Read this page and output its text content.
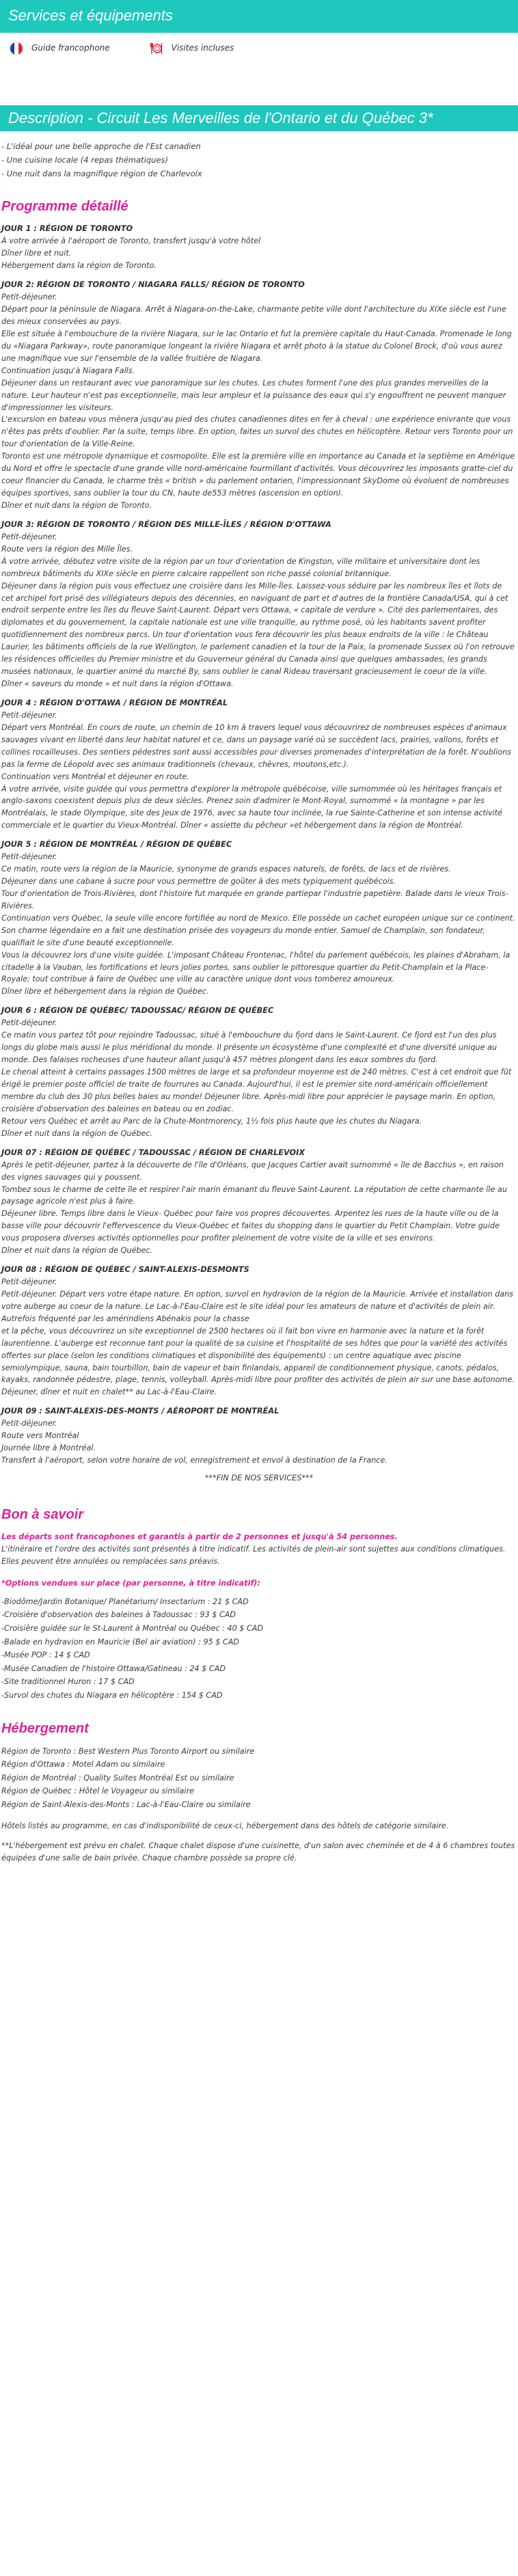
Services et équipements
Guide francophone	Visites incluses
Description - Circuit Les Merveilles de l'Ontario et du Québec 3*
- L'idéal pour une belle approche de l'Est canadien
- Une cuisine locale (4 repas thématiques)
- Une nuit dans la magnifique région de Charlevoix
Programme détaillé
JOUR 1 : RÉGION DE TORONTO
À votre arrivée à l'aéroport de Toronto, transfert jusqu'à votre hôtel
Dîner libre et nuit.
Hébergement dans la région de Toronto.
JOUR 2: RÉGION DE TORONTO / NIAGARA FALLS/ RÉGION DE TORONTO
Petit-déjeuner.
Départ pour la péninsule de Niagara. Arrêt à Niagara-on-the-Lake, charmante petite ville dont l'architecture du XIXe siècle est l'une des mieux conservées au pays.
Elle est située à l'embouchure de la rivière Niagara, sur le lac Ontario et fut la première capitale du Haut-Canada. Promenade le long du «Niagara Parkway», route panoramique longeant la rivière Niagara et arrêt photo à la statue du Colonel Brock, d'où vous aurez une magnifique vue sur l'ensemble de la vallée fruitière de Niagara.
Continuation jusqu'à Niagara Falls.
Déjeuner dans un restaurant avec vue panoramique sur les chutes. Les chutes forment l'une des plus grandes merveilles de la nature. Leur hauteur n'est pas exceptionnelle, mais leur ampleur et la puissance des eaux qui s'y engouffrent ne peuvent manquer d'impressionner les visiteurs.
L'excursion en bateau vous mènera jusqu'au pied des chutes canadiennes dites en fer à cheval : une expérience enivrante que vous n'êtes pas prêts d'oublier. Par la suite, temps libre. En option, faites un survol des chutes en hélicoptère. Retour vers Toronto pour un tour d'orientation de la Ville-Reine.
Toronto est une métropole dynamique et cosmopolite. Elle est la première ville en importance au Canada et la septième en Amérique du Nord et offre le spectacle d'une grande ville nord-américaine fourmillant d'activités. Vous découvrirez les imposants gratte-ciel du coeur financier du Canada, le charme très « british » du parlement ontarien, l'impressionnant SkyDome où évoluent de nombreuses équipes sportives, sans oublier la tour du CN, haute de553 mètres (ascension en option).
Dîner et nuit dans la région de Toronto.
JOUR 3: RÉGION DE TORONTO / RÉGION DES MILLE-ÎLES / RÉGION D'OTTAWA
Petit-déjeuner.
Route vers la région des Mille Îles.
À votre arrivée, débutez votre visite de la région par un tour d'orientation de Kingston, ville militaire et universitaire dont les nombreux bâtiments du XIXe siècle en pierre calcaire rappellent son riche passé colonial britannique.
Déjeuner dans la région puis vous effectuez une croisière dans les Mille-Îles. Laissez-vous séduire par les nombreux îles et îlots de cet archipel fort prisé des villégiateurs depuis des décennies, en naviguant de part et d'autres de la frontière Canada/USA, qui à cet endroit serpente entre les îles du fleuve Saint-Laurent. Départ vers Ottawa, « capitale de verdure ». Cité des parlementaires, des diplomates et du gouvernement, la capitale nationale est une ville tranquille, au rythme posé, où les habitants savent profiter quotidiennement des nombreux parcs. Un tour d'orientation vous fera découvrir les plus beaux endroits de la ville : le Château Laurier, les bâtiments officiels de la rue Wellington, le parlement canadien et la tour de la Paix, la promenade Sussex où l'on retrouve les résidences officielles du Premier ministre et du Gouverneur général du Canada ainsi que quelques ambassades, les grands musées nationaux, le quartier animé du marché By, sans oublier le canal Rideau traversant gracieusement le coeur de la ville.
Dîner « saveurs du monde » et nuit dans la région d'Ottawa.
JOUR 4 : RÉGION D'OTTAWA / RÉGION DE MONTRÉAL
Petit-déjeuner.
Départ vers Montréal. En cours de route, un chemin de 10 km à travers lequel vous découvrirez de nombreuses espèces d'animaux sauvages vivant en liberté dans leur habitat naturel et ce, dans un paysage varié où se succèdent lacs, prairies, vallons, forêts et collines rocailleuses. Des sentiers pédestres sont aussi accessibles pour diverses promenades d'interprétation de la forêt. N'oublions pas la ferme de Léopold avec ses animaux traditionnels (chevaux, chèvres, moutons,etc.).
Continuation vers Montréal et déjeuner en route.
À votre arrivée, visite guidée qui vous permettra d'explorer la métropole québécoise, ville surnommée où les héritages français et anglo-saxons coexistent depuis plus de deux siècles. Prenez soin d'admirer le Mont-Royal, surnommé « la montagne » par les Montréalais, le stade Olympique, site des Jeux de 1976, avec sa haute tour inclinée, la rue Sainte-Catherine et son intense activité commerciale et le quartier du Vieux-Montréal. Dîner « assiette du pêcheur »et hébergement dans la région de Montréal.
JOUR 5 : RÉGION DE MONTRÉAL / RÉGION DE QUÉBEC
Petit-déjeuner.
Ce matin, route vers la région de la Mauricie, synonyme de grands espaces naturels, de forêts, de lacs et de rivières.
Déjeuner dans une cabane à sucre pour vous permettre de goûter à des mets typiquement québécois.
Tour d'orientation de Trois-Rivières, dont l'histoire fut marquée en grande partiepar l'industrie papetière. Balade dans le vieux Trois-Rivières.
Continuation vers Québec, la seule ville encore fortifiée au nord de Mexico. Elle possède un cachet européen unique sur ce continent. Son charme légendaire en a fait une destination prisée des voyageurs du monde entier. Samuel de Champlain, son fondateur, qualifiait le site d'une beauté exceptionnelle.
Vous la découvrez lors d'une visite guidée. L'imposant Château Frontenac, l'hôtel du parlement québécois, les plaines d'Abraham, la citadelle à la Vauban, les fortifications et leurs jolies portes, sans oublier le pittoresque quartier du Petit-Champlain et la Place-Royale; tout contribue à faire de Québec une ville au caractère unique dont vous tomberez amoureux.
Dîner libre et hébergement dans la région de Québec.
JOUR 6 : RÉGION DE QUÉBEC/ TADOUSSAC/ RÉGION DE QUÉBEC
Petit-déjeuner.
Ce matin vous partez tôt pour rejoindre Tadoussac, situé à l'embouchure du fjord dans le Saint-Laurent. Ce fjord est l'un des plus longs du globe mais aussi le plus méridional du monde. Il présente un écosystème d'une complexité et d'une diversité unique au monde. Des falaises rocheuses d'une hauteur allant jusqu'à 457 mètres plongent dans les eaux sombres du fjord.
Le chenal atteint à certains passages 1500 mètres de large et sa profondeur moyenne est de 240 mètres. C'est à cet endroit que fût érigé le premier poste officiel de traite de fourrures au Canada. Aujourd'hui, il est le premier site nord-américain officiellement membre du club des 30 plus belles baies au monde! Déjeuner libre. Après-midi libre pour apprécier le paysage marin. En option, croisière d'observation des baleines en bateau ou en zodiac.
Retour vers Québec et arrêt au Parc de la Chute-Montmorency, 1½ fois plus haute que les chutes du Niagara.
Dîner et nuit dans la région de Québec.
JOUR 07 : RÉGION DE QUÉBEC / TADOUSSAC / RÉGION DE CHARLEVOIX
Après le petit-déjeuner, partez à la découverte de l'île d'Orléans, que Jacques Cartier avait surnommé « île de Bacchus », en raison des vignes sauvages qui y poussent.
Tombez sous le charme de cette île et respirer l'air marin émanant du fleuve Saint-Laurent. La réputation de cette charmante île au paysage agricole n'est plus à faire.
Déjeuner libre. Temps libre dans le Vieux- Québec pour faire vos propres découvertes. Arpentez les rues de la haute ville ou de la basse ville pour découvrir l'effervescence du Vieux-Québec et faites du shopping dans le quartier du Petit Champlain. Votre guide vous proposera diverses activités optionnelles pour profiter pleinement de votre visite de la ville et ses environs.
Dîner et nuit dans la région de Québec.
JOUR 08 : RÉGION DE QUÉBEC / SAINT-ALEXIS-DESMONTS
Petit-déjeuner.
Petit-déjeuner. Départ vers votre étape nature. En option, survol en hydravion de la région de la Mauricie. Arrivée et installation dans votre auberge au coeur de la nature. Le Lac-à-l'Eau-Claire est le site idéal pour les amateurs de nature et d'activités de plein air. Autrefois fréquenté par les amérindiens Abénakis pour la chasse
et la pêche, vous découvrirez un site exceptionnel de 2500 hectares où il fait bon vivre en harmonie avec la nature et la forêt laurentienne. L'auberge est reconnue tant pour la qualité de sa cuisine et l'hospitalité de ses hôtes que pour la variété des activités offertes sur place (selon les conditions climatiques et disponibilité des équipements) : un centre aquatique avec piscine semiolympique, sauna, bain tourbillon, bain de vapeur et bain finlandais, appareil de conditionnement physique, canots, pédalos, kayaks, randonnée pédestre, plage, tennis, volleyball. Après-midi libre pour profiter des activités de plein air sur une base autonome.
Déjeuner, dîner et nuit en chalet** au Lac-à-l'Eau-Claire.
JOUR 09 : SAINT-ALEXIS-DES-MONTS / AÉROPORT DE MONTRÉAL
Petit-déjeuner.
Route vers Montréal
Journée libre à Montréal.
Transfert à l'aéroport, selon votre horaire de vol, enregistrement et envol à destination de la France.
***FIN DE NOS SERVICES***
Bon à savoir
Les départs sont francophones et garantis à partir de 2 personnes et jusqu'à 54 personnes.
L'itinéraire et l'ordre des activités sont présentés à titre indicatif. Les activités de plein-air sont sujettes aux conditions climatiques. Elles peuvent être annulées ou remplacées sans préavis.
*Options vendues sur place (par personne, à titre indicatif):
-Biodôme/Jardin Botanique/ Planétarium/ Insectarium : 21 $ CAD
-Croisière d'observation des baleines à Tadoussac : 93 $ CAD
-Croisière guidée sur le St-Laurent à Montréal ou Québec : 40 $ CAD
-Balade en hydravion en Mauricie (Bel air aviation) : 95 $ CAD
-Musée POP : 14 $ CAD
-Musée Canadien de l'histoire Ottawa/Gatineau : 24 $ CAD
-Site traditionnel Huron : 17 $ CAD
-Survol des chutes du Niagara en hélicoptère : 154 $ CAD
Hébergement
Région de Toronto : Best Western Plus Toronto Airport ou similaire
Région d'Ottawa : Motel Adam ou similaire
Région de Montréal : Quality Suites Montréal Est ou similaire
Région de Québec : Hôtel le Voyageur ou similaire
Région de Saint-Alexis-des-Monts : Lac-à-l'Eau-Claire ou similaire
Hôtels listés au programme, en cas d'indisponibilité de ceux-ci, hébergement dans des hôtels de catégorie similaire.
**L'hébergement est prévu en chalet. Chaque chalet dispose d'une cuisinette, d'un salon avec cheminée et de 4 à 6 chambres toutes équipées d'une salle de bain privée. Chaque chambre possède sa propre clé.
